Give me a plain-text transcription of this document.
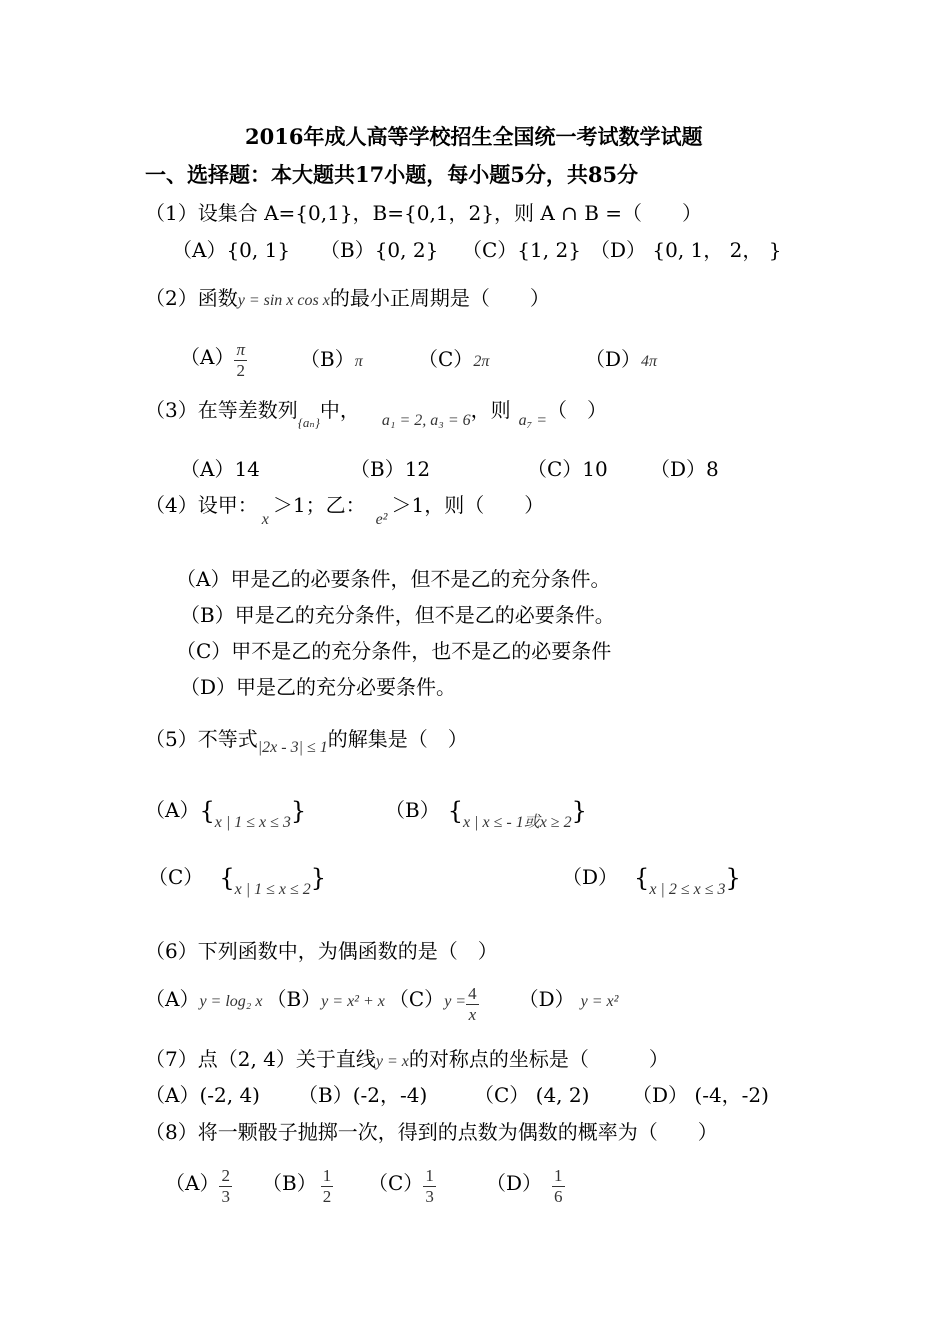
2016年成人高等学校招生全国统一考试数学试题
一、选择题：本大题共17小题，每小题5分，共85分
（1）设集合 A={0,1}，B={0,1，2}，则 A ∩ B =（　　）
（A）{0, 1} （B）{0, 2} （C）{1, 2} （D） {0, 1， 2， }
（2）函数y = sin x cos x的最小正周期是（　　）
$(A) \frac{\pi}{2}$	（B）π	（C）2π	（D）4π
（3）在等差数列$_{\{a_n\}}$中， $_{a_1 = 2, a_3 = 6}$，则 $_{a_7 =}$（　）
（A）14	（B）12	（C）10 （D）8
（4）设甲：$_x$＞1；乙：$_{e^2}$＞1，则（　　）
（A）甲是乙的必要条件，但不是乙的充分条件。
（B）甲是乙的充分条件，但不是乙的必要条件。
（C）甲不是乙的充分条件，也不是乙的必要条件
（D）甲是乙的充分必要条件。
（5）不等式$_{|2x - 3| \le 1}$的解集是（　）
$(A)\{_{x | 1 \le x \le 3}\}$	（B） $\{_{x | x \le - 1或x \ge 2}\}$
（C） $\{_{x | 1 \le x \le 2}\}$	（D） $\{_{x | 2 \le x \le 3}\}$
（6）下列函数中，为偶函数的是（　）
（A）y = log₂ x （B）y = x² + x $(C)y = \frac{4}{x} (D) y = x^2$
（7）点（2, 4）关于直线y = x的对称点的坐标是（　　　）
（A）(-2, 4) （B）(-2，-4) （C） (4, 2) （D） (-4，-2)
（8）将一颗骰子抛掷一次，得到的点数为偶数的概率为（　　）
$(A) \frac{2}{3} (B) \frac{1}{2} (C) \frac{1}{3}$	$(D) \frac{1}{6}$
